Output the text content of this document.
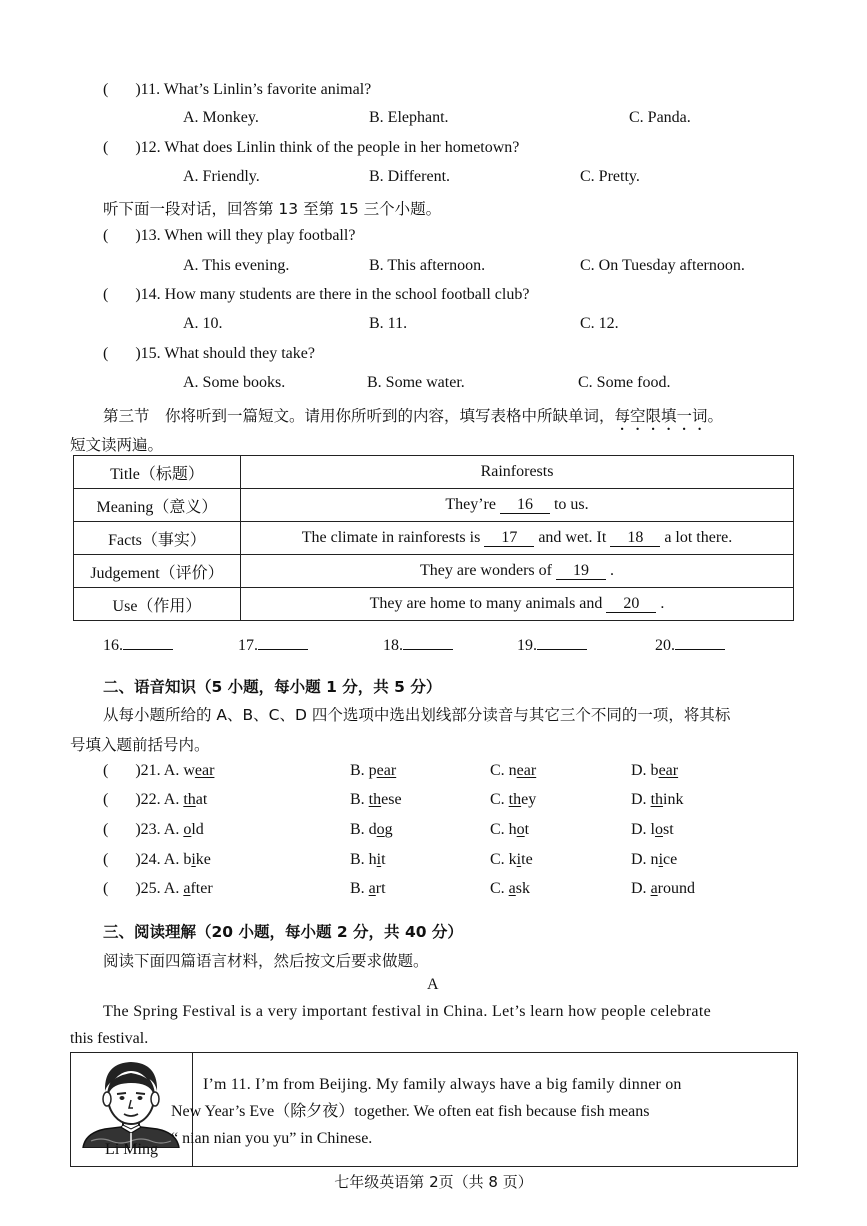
( )11. What’s Linlin’s favorite animal?
A. Monkey.	B. Elephant.	C. Panda.
( )12. What does Linlin think of the people in her hometown?
A. Friendly.	B. Different.	C. Pretty.
听下面一段对话，回答第 13 至第 15 三个小题。
( )13. When will they play football?
A. This evening.	B. This afternoon.	C. On Tuesday afternoon.
( )14. How many students are there in the school football club?
A. 10.	B. 11.	C. 12.
( )15. What should they take?
A. Some books.	B. Some water.	C. Some food.
第三节　你将听到一篇短文。请用你所听到的内容，填写表格中所缺单词，每空限填一词。
短文读两遍。
Title（标题）	Rainforests
Meaning（意义）	They’re 16 to us.
Facts（事实）	The climate in rainforests is 17 and wet. It 18 a lot there.
Judgement（评价）	They are wonders of 19 .
Use（作用）	They are home to many animals and 20 .
16.	17.	18.	19.	20.
二、语音知识（5 小题，每小题 1 分，共 5 分）
从每小题所给的 A、B、C、D 四个选项中选出划线部分读音与其它三个不同的一项，将其标
号填入题前括号内。
( )21. A. wear	B. pear	C. near	D. bear
( )22. A. that	B. these	C. they	D. think
( )23. A. old	B. dog	C. hot	D. lost
( )24. A. bike	B. hit	C. kite	D. nice
( )25. A. after	B. art	C. ask	D. around
三、阅读理解（20 小题，每小题 2 分，共 40 分）
阅读下面四篇语言材料，然后按文后要求做题。
A
The Spring Festival is a very important festival in China. Let’s learn how people celebrate
this festival.
Li Ming
I’m 11. I’m from Beijing. My family always have a big family dinner on
New Year’s Eve（除夕夜）together. We often eat fish because fish means
“ nian nian you yu” in Chinese.
七年级英语第 2页（共 8 页）
